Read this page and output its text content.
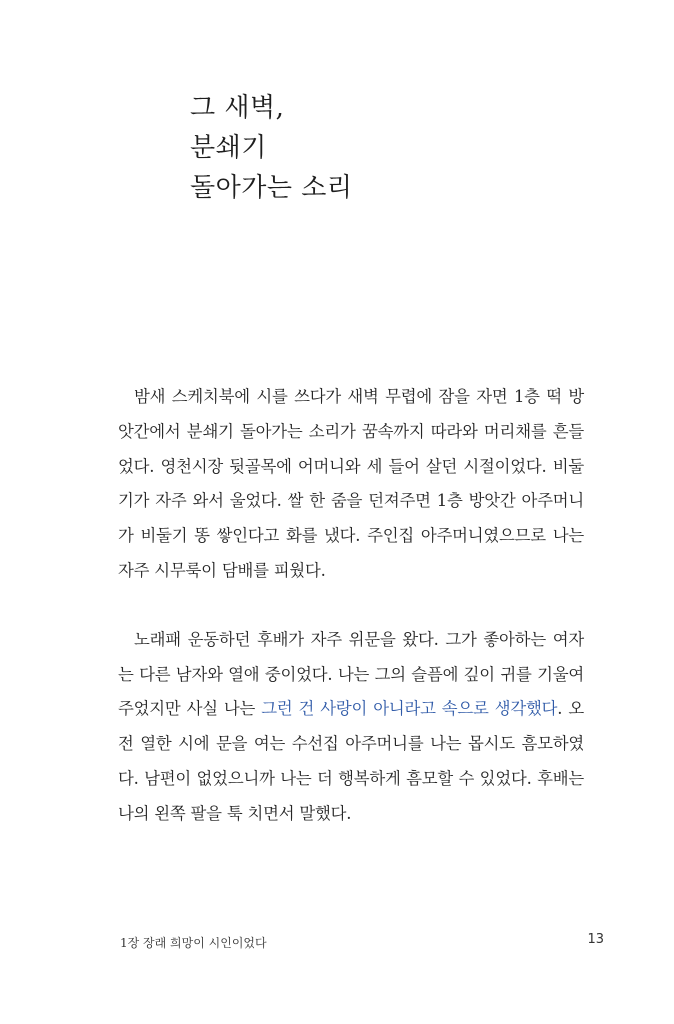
그 새벽,
분쇄기
돌아가는 소리

밤새 스케치북에 시를 쓰다가 새벽 무렵에 잠을 자면 1층 떡 방앗간에서 분쇄기 돌아가는 소리가 꿈속까지 따라와 머리채를 흔들었다. 영천시장 뒷골목에 어머니와 세 들어 살던 시절이었다. 비둘기가 자주 와서 울었다. 쌀 한 줌을 던져주면 1층 방앗간 아주머니가 비둘기 똥 쌓인다고 화를 냈다. 주인집 아주머니였으므로 나는 자주 시무룩이 담배를 피웠다.

노래패 운동하던 후배가 자주 위문을 왔다. 그가 좋아하는 여자는 다른 남자와 열애 중이었다. 나는 그의 슬픔에 깊이 귀를 기울여주었지만 사실 나는 그런 건 사랑이 아니라고 속으로 생각했다. 오전 열한 시에 문을 여는 수선집 아주머니를 나는 몹시도 흠모하였다. 남편이 없었으니까 나는 더 행복하게 흠모할 수 있었다. 후배는 나의 왼쪽 팔을 툭 치면서 말했다.

1장 장래 희망이 시인이었다	13
